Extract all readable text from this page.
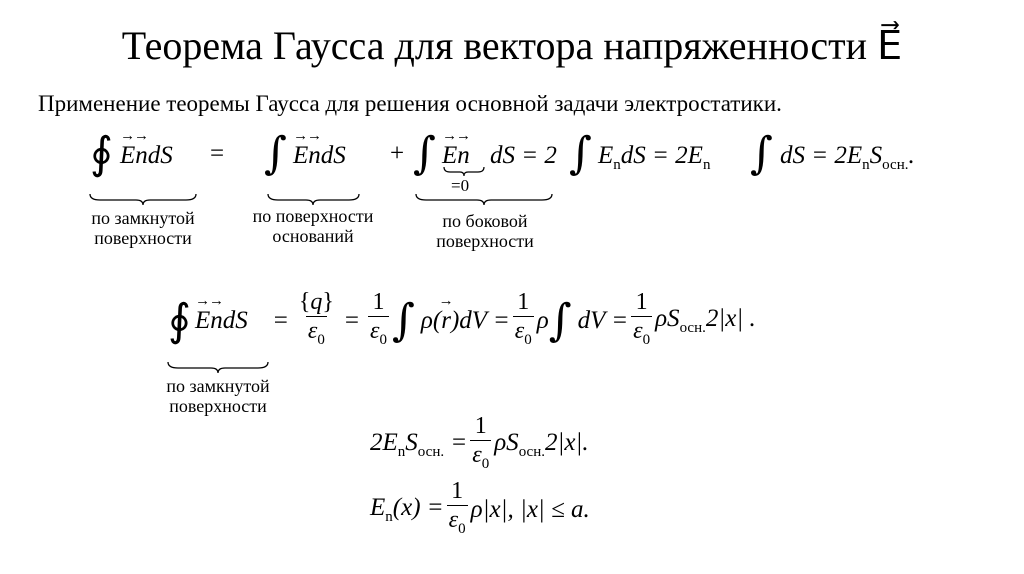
Теорема Гаусса для вектора напряженности E⃗
Применение теоремы Гаусса для решения основной задачи электростатики.
∮ → E→ ndS = ∫ → E→ ndS + ∫ → E→ n dS = 2 ∫ $E_ndS = 2E_n$ ∫ dS = $2E_nS_{осн.}$.
=0
по замкнутой поверхности
по поверхности оснований
по боковой поверхности
∮ → E→ ndS = $\frac{\{q\}}{\varepsilon_0} = \frac{1}{\varepsilon_0}$ ∫ $\rho(\to r)dV = \frac{1}{\varepsilon_0}$ ρ ∫ dV = $\frac{1}{\varepsilon_0} \rho S_{осн.}2|x|$ .
по замкнутой поверхности
$2E_nS_{осн.} = \frac{1}{\varepsilon_0} \rho S_{осн.}2|x|$.
$E_n(x) = \frac{1}{\varepsilon_0} \rho|x|$, |x| ≤ a.
